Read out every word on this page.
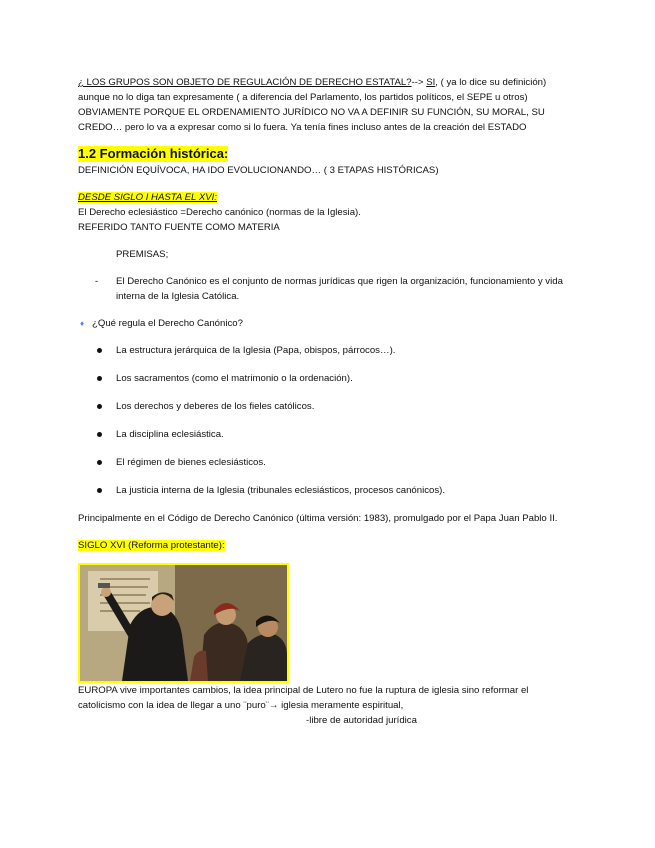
¿ LOS GRUPOS SON OBJETO DE REGULACIÓN DE DERECHO ESTATAL?--> SI, ( ya lo dice su definición) aunque no lo diga tan expresamente ( a diferencia del Parlamento, los partidos políticos, el SEPE u otros) OBVIAMENTE PORQUE EL ORDENAMIENTO JURÍDICO NO VA A DEFINIR SU FUNCIÓN, SU MORAL, SU CREDO… pero lo va a expresar como si lo fuera. Ya tenía fines incluso antes de la creación del ESTADO
1.2 Formación histórica:
DEFINICIÓN EQUÍVOCA, HA IDO EVOLUCIONANDO… ( 3 ETAPAS HISTÓRICAS)
DESDE SIGLO I HASTA EL XVI:
El Derecho eclesiástico =Derecho canónico (normas de la Iglesia).
REFERIDO TANTO FUENTE COMO MATERIA
PREMISAS;
- El Derecho Canónico es el conjunto de normas jurídicas que rigen la organización, funcionamiento y vida interna de la Iglesia Católica.
♦ ¿Qué regula el Derecho Canónico?
La estructura jerárquica de la Iglesia (Papa, obispos, párrocos…).
Los sacramentos (como el matrimonio o la ordenación).
Los derechos y deberes de los fieles católicos.
La disciplina eclesiástica.
El régimen de bienes eclesiásticos.
La justicia interna de la Iglesia (tribunales eclesiásticos, procesos canónicos).
Principalmente en el Código de Derecho Canónico (última versión: 1983), promulgado por el Papa Juan Pablo II.
SIGLO XVI (Reforma protestante):
EUROPA vive importantes cambios, la idea principal de Lutero no fue la ruptura de iglesia sino reformar el catolicismo con la idea de llegar a uno ¨puro¨→ iglesia meramente espiritual,
-libre de autoridad jurídica
